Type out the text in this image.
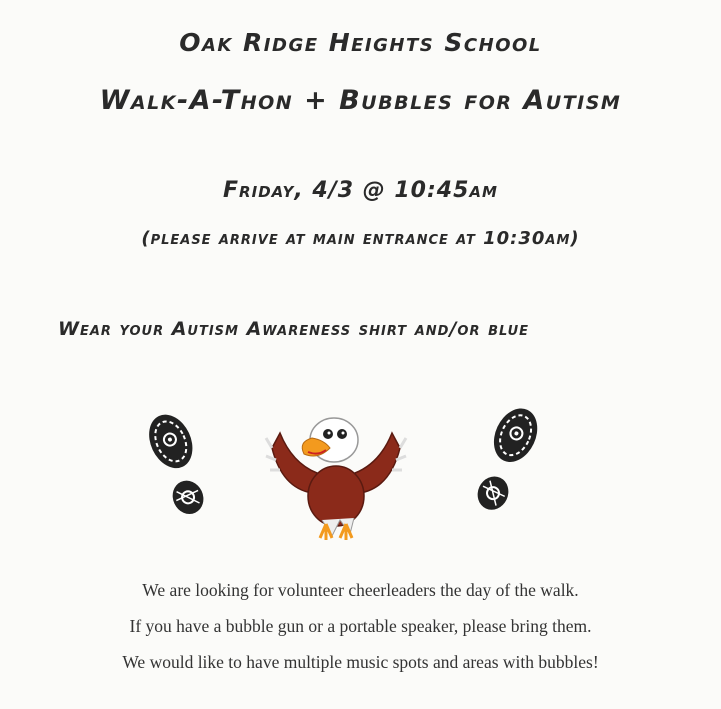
Oak Ridge Heights School
Walk-A-Thon + Bubbles for Autism
Friday, 4/3 @ 10:45am
(please arrive at main entrance at 10:30am)
Wear your Autism Awareness shirt and/or blue
We are looking for volunteer cheerleaders the day of the walk.
If you have a bubble gun or a portable speaker, please bring them.
We would like to have multiple music spots and areas with bubbles!
